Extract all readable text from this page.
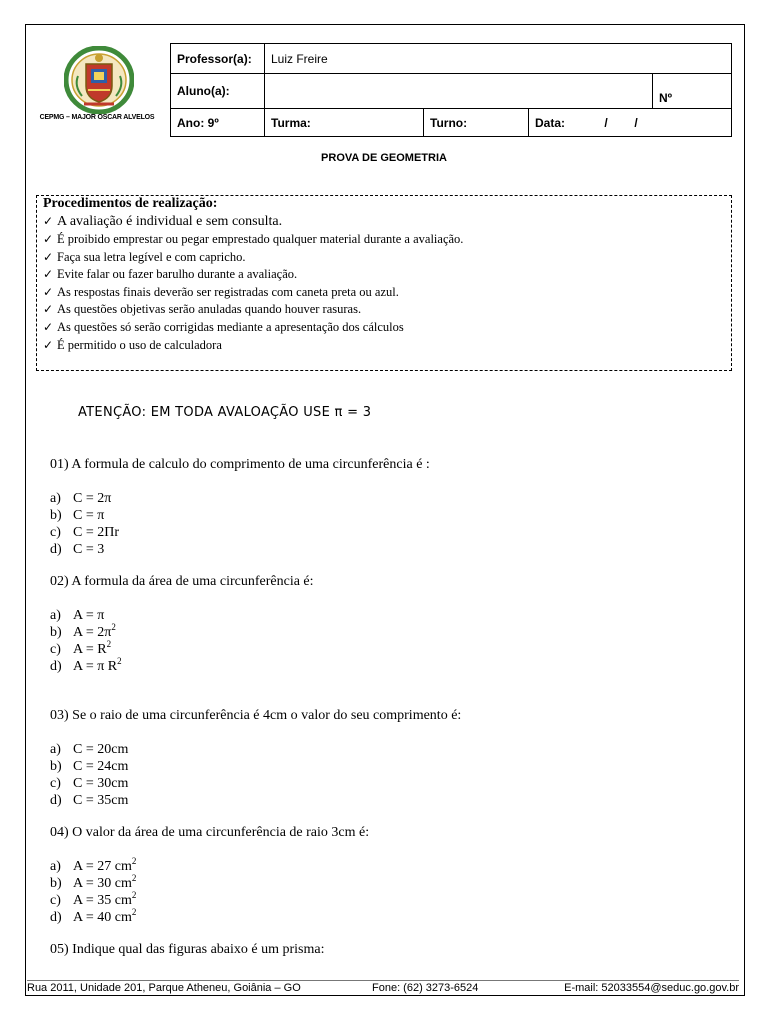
CEPMG – MAJOR OSCAR ALVELOS
Professor(a):	Luiz Freire			
Aluno(a):				Nº
Ano: 9º	Turma:	Turno:	Data: /        /	
PROVA DE GEOMETRIA
Procedimentos de realização:
✓ A avaliação é individual e sem consulta.
✓ É proibido emprestar ou pegar emprestado qualquer material durante a avaliação.
✓ Faça sua letra legível e com capricho.
✓ Evite falar ou fazer barulho durante a avaliação.
✓ As respostas finais deverão ser registradas com caneta preta ou azul.
✓ As questões objetivas serão anuladas quando houver rasuras.
✓ As questões só serão corrigidas mediante a apresentação dos cálculos
✓ É permitido o uso de calculadora
ATENÇÃO: EM TODA AVALOAÇÃO USE π = 3
01) A formula de calculo do comprimento de uma circunferência é :
a) C = 2π
b) C = π
c) C = 2Πr
d) C = 3
02) A formula da área de uma circunferência é:
a) A = π
b) $A = 2\pi^2$
c) $A = R^2$
d) A = π $R^2$
03) Se o raio de uma circunferência é 4cm o valor do seu comprimento é:
a) C = 20cm
b) C = 24cm
c) C = 30cm
d) C = 35cm
04) O valor da área de uma circunferência de raio 3cm é:
a) A = 27 $cm^2$
b) A = 30 $cm^2$
c) A = 35 $cm^2$
d) A = 40 $cm^2$
05) Indique qual das figuras abaixo é um prisma:
Rua 2011, Unidade 201, Parque Atheneu, Goiânia – GO	Fone: (62) 3273-6524	E-mail: 52033554@seduc.go.gov.br
